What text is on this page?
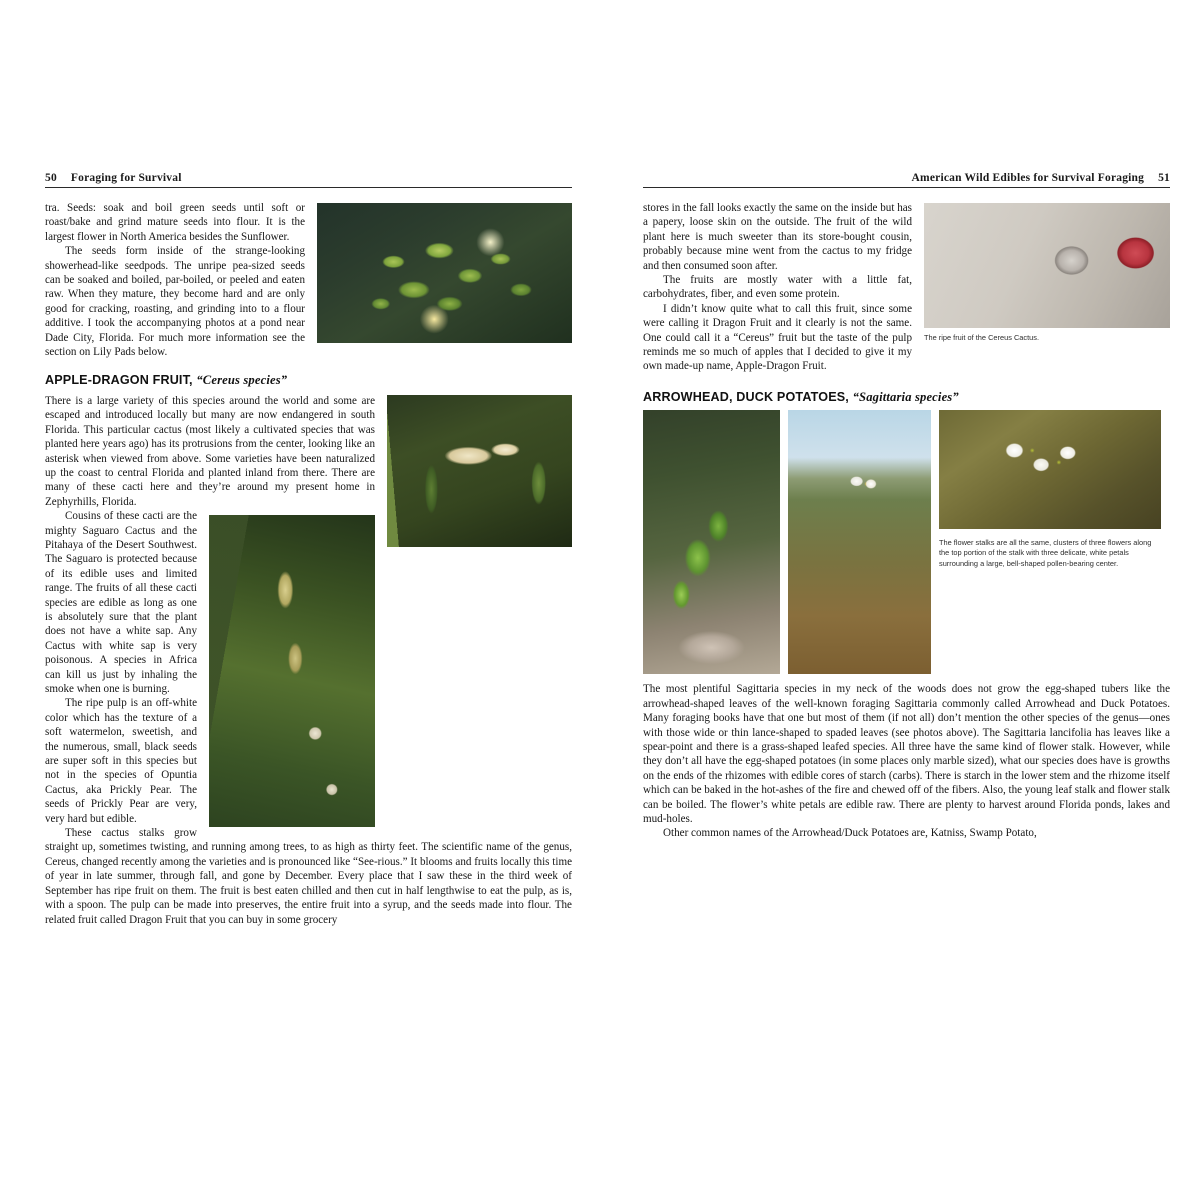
50 Foraging for Survival

tra. Seeds: soak and boil green seeds until soft or roast/bake and grind mature seeds into flour. It is the largest flower in North America besides the Sunflower.

The seeds form inside of the strange-looking showerhead-like seedpods. The unripe pea-sized seeds can be soaked and boiled, par-boiled, or peeled and eaten raw. When they mature, they become hard and are only good for cracking, roasting, and grinding into to a flour additive. I took the accompanying photos at a pond near Dade City, Florida. For much more information see the section on Lily Pads below.

APPLE-DRAGON FRUIT, “Cereus species”

There is a large variety of this species around the world and some are escaped and introduced locally but many are now endangered in south Florida. This particular cactus (most likely a cultivated species that was planted here years ago) has its protrusions from the center, looking like an asterisk when viewed from above. Some varieties have been naturalized up the coast to central Florida and planted inland from there. There are many of these cacti here and they’re around my present home in Zephyrhills, Florida.

Cousins of these cacti are the mighty Saguaro Cactus and the Pitahaya of the Desert Southwest. The Saguaro is protected because of its edible uses and limited range. The fruits of all these cacti species are edible as long as one is absolutely sure that the plant does not have a white sap. Any Cactus with white sap is very poisonous. A species in Africa can kill us just by inhaling the smoke when one is burning.

The ripe pulp is an off-white color which has the texture of a soft watermelon, sweetish, and the numerous, small, black seeds are super soft in this species but not in the species of Opuntia Cactus, aka Prickly Pear. The seeds of Prickly Pear are very, very hard but edible.

These cactus stalks grow straight up, sometimes twisting, and running among trees, to as high as thirty feet. The scientific name of the genus, Cereus, changed recently among the varieties and is pronounced like “See-rious.” It blooms and fruits locally this time of year in late summer, through fall, and gone by December. Every place that I saw these in the third week of September has ripe fruit on them. The fruit is best eaten chilled and then cut in half lengthwise to eat the pulp, as is, with a spoon. The pulp can be made into preserves, the entire fruit into a syrup, and the seeds made into flour. The related fruit called Dragon Fruit that you can buy in some grocery

American Wild Edibles for Survival Foraging 51
The ripe fruit of the Cereus Cactus.

stores in the fall looks exactly the same on the inside but has a papery, loose skin on the outside. The fruit of the wild plant here is much sweeter than its store-bought cousin, probably because mine went from the cactus to my fridge and then consumed soon after.

The fruits are mostly water with a little fat, carbohydrates, fiber, and even some protein.

I didn’t know quite what to call this fruit, since some were calling it Dragon Fruit and it clearly is not the same. One could call it a “Cereus” fruit but the taste of the pulp reminds me so much of apples that I decided to give it my own made-up name, Apple-Dragon Fruit.

ARROWHEAD, DUCK POTATOES, “Sagittaria species”
The flower stalks are all the same, clusters of three flowers along the top portion of the stalk with three delicate, white petals surrounding a large, bell-shaped pollen-bearing center.

The most plentiful Sagittaria species in my neck of the woods does not grow the egg-shaped tubers like the arrowhead-shaped leaves of the well-known foraging Sagittaria commonly called Arrowhead and Duck Potatoes. Many foraging books have that one but most of them (if not all) don’t mention the other species of the genus—ones with those wide or thin lance-shaped to spaded leaves (see photos above). The Sagittaria lancifolia has leaves like a spear-point and there is a grass-shaped leafed species. All three have the same kind of flower stalk. However, while they don’t all have the egg-shaped potatoes (in some places only marble sized), what our species does have is growths on the ends of the rhizomes with edible cores of starch (carbs). There is starch in the lower stem and the rhizome itself which can be baked in the hot-ashes of the fire and chewed off of the fibers. Also, the young leaf stalk and flower stalk can be boiled. The flower’s white petals are edible raw. There are plenty to harvest around Florida ponds, lakes and mud-holes.

Other common names of the Arrowhead/Duck Potatoes are, Katniss, Swamp Potato,
